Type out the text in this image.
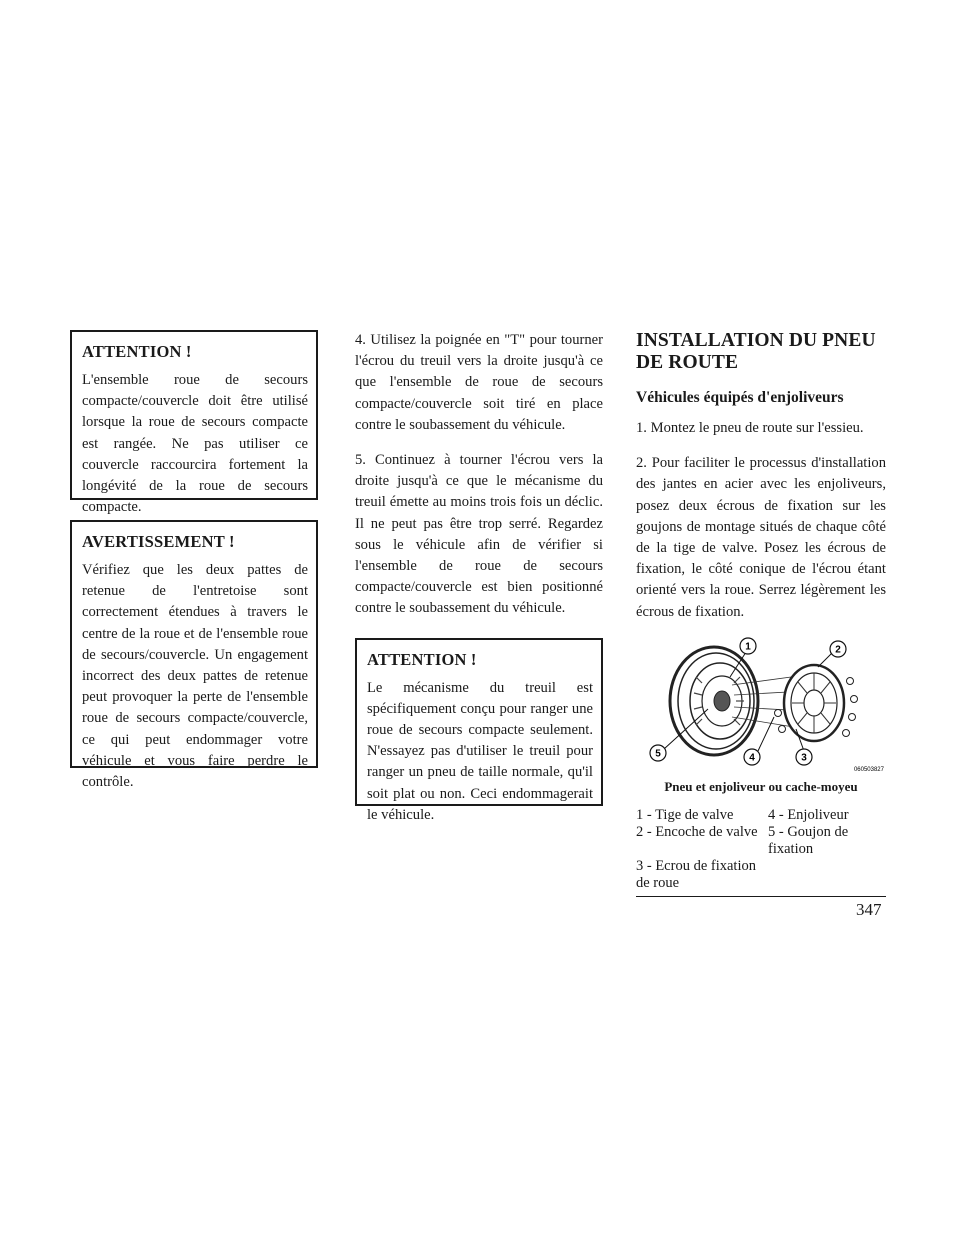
ATTENTION !

L'ensemble roue de secours compacte/couvercle doit être utilisé lorsque la roue de secours compacte est rangée. Ne pas utiliser ce couvercle raccourcira fortement la longévité de la roue de secours compacte.

AVERTISSEMENT !

Vérifiez que les deux pattes de retenue de l'entretoise sont correctement étendues à travers le centre de la roue et de l'ensemble roue de secours/couvercle. Un engagement incorrect des deux pattes de retenue peut provoquer la perte de l'ensemble roue de secours compacte/couvercle, ce qui peut endommager votre véhicule et vous faire perdre le contrôle.

4. Utilisez la poignée en "T" pour tourner l'écrou du treuil vers la droite jusqu'à ce que l'ensemble de roue de secours compacte/couvercle soit tiré en place contre le soubassement du véhicule.

5. Continuez à tourner l'écrou vers la droite jusqu'à ce que le mécanisme du treuil émette au moins trois fois un déclic. Il ne peut pas être trop serré. Regardez sous le véhicule afin de vérifier si l'ensemble de roue de secours compacte/couvercle est bien positionné contre le soubassement du véhicule.

ATTENTION !

Le mécanisme du treuil est spécifiquement conçu pour ranger une roue de secours compacte seulement. N'essayez pas d'utiliser le treuil pour ranger un pneu de taille normale, qu'il soit plat ou non. Ceci endommagerait le véhicule.

INSTALLATION DU PNEU DE ROUTE
Véhicules équipés d'enjoliveurs

1. Montez le pneu de route sur l'essieu.

2. Pour faciliter le processus d'installation des jantes en acier avec les enjoliveurs, posez deux écrous de fixation sur les goujons de montage situés de chaque côté de la tige de valve. Posez les écrous de fixation, le côté conique de l'écrou étant orienté vers la roue. Serrez légèrement les écrous de fixation.

1	2
3
4
5
0605038​27
Pneu et enjoliveur ou cache-moyeu
1 - Tige de valve	4 - Enjoliveur
2 - Encoche de valve 5 - Goujon de fixation
3 - Ecrou de fixation de roue
347
